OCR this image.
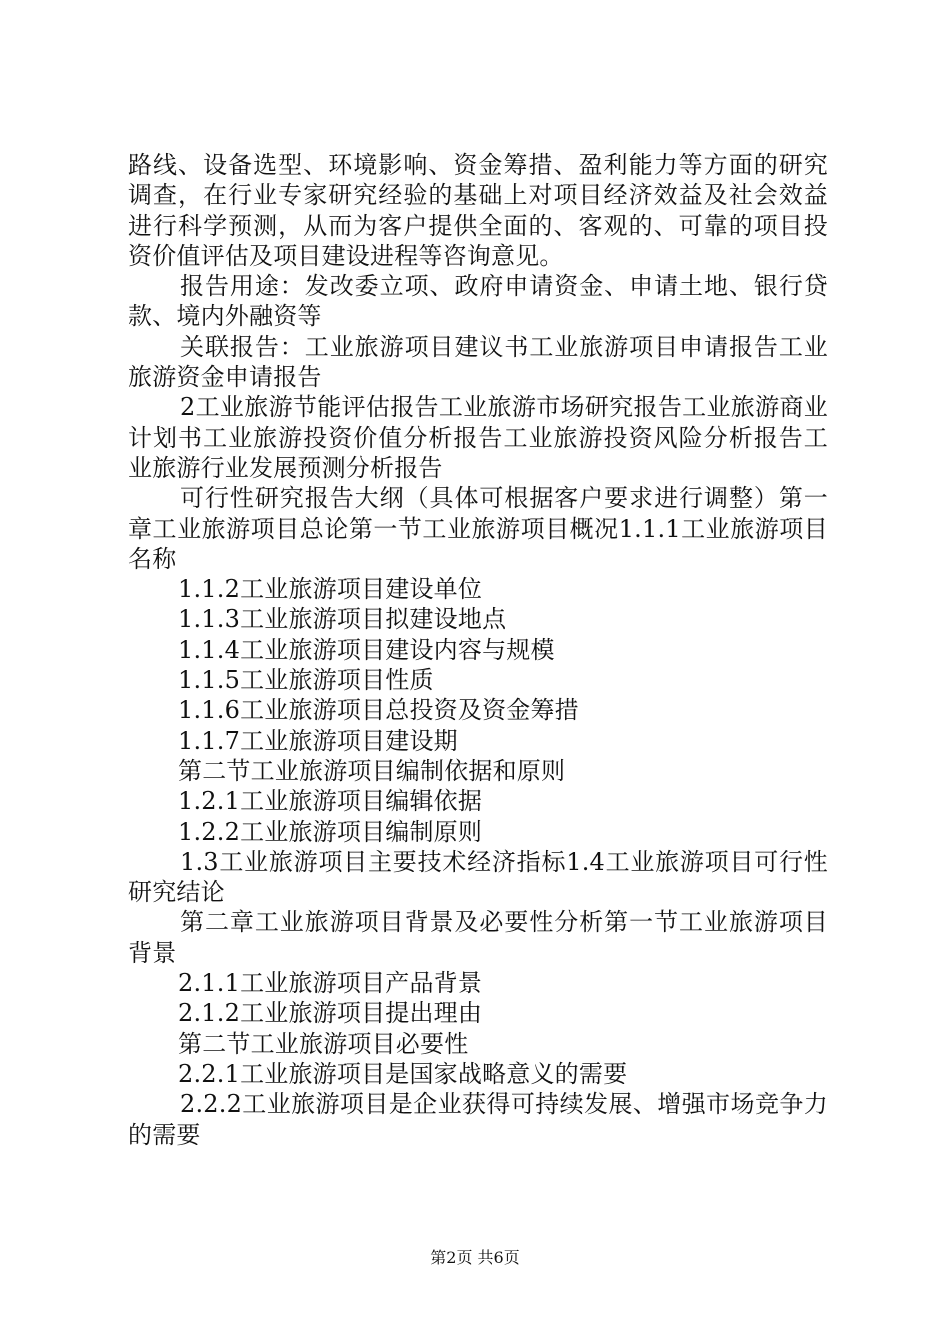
路线、设备选型、环境影响、资金筹措、盈利能力等方面的研究调查，在行业专家研究经验的基础上对项目经济效益及社会效益进行科学预测，从而为客户提供全面的、客观的、可靠的项目投资价值评估及项目建设进程等咨询意见。

报告用途：发改委立项、政府申请资金、申请土地、银行贷款、境内外融资等

关联报告：工业旅游项目建议书工业旅游项目申请报告工业旅游资金申请报告

2工业旅游节能评估报告工业旅游市场研究报告工业旅游商业计划书工业旅游投资价值分析报告工业旅游投资风险分析报告工业旅游行业发展预测分析报告

可行性研究报告大纲（具体可根据客户要求进行调整）第一章工业旅游项目总论第一节工业旅游项目概况1.1.1工业旅游项目名称

1.1.2工业旅游项目建设单位

1.1.3工业旅游项目拟建设地点

1.1.4工业旅游项目建设内容与规模

1.1.5工业旅游项目性质

1.1.6工业旅游项目总投资及资金筹措

1.1.7工业旅游项目建设期

第二节工业旅游项目编制依据和原则

1.2.1工业旅游项目编辑依据

1.2.2工业旅游项目编制原则

1.3工业旅游项目主要技术经济指标1.4工业旅游项目可行性研究结论

第二章工业旅游项目背景及必要性分析第一节工业旅游项目背景

2.1.1工业旅游项目产品背景

2.1.2工业旅游项目提出理由

第二节工业旅游项目必要性

2.2.1工业旅游项目是国家战略意义的需要

2.2.2工业旅游项目是企业获得可持续发展、增强市场竞争力的需要

第2页 共6页
